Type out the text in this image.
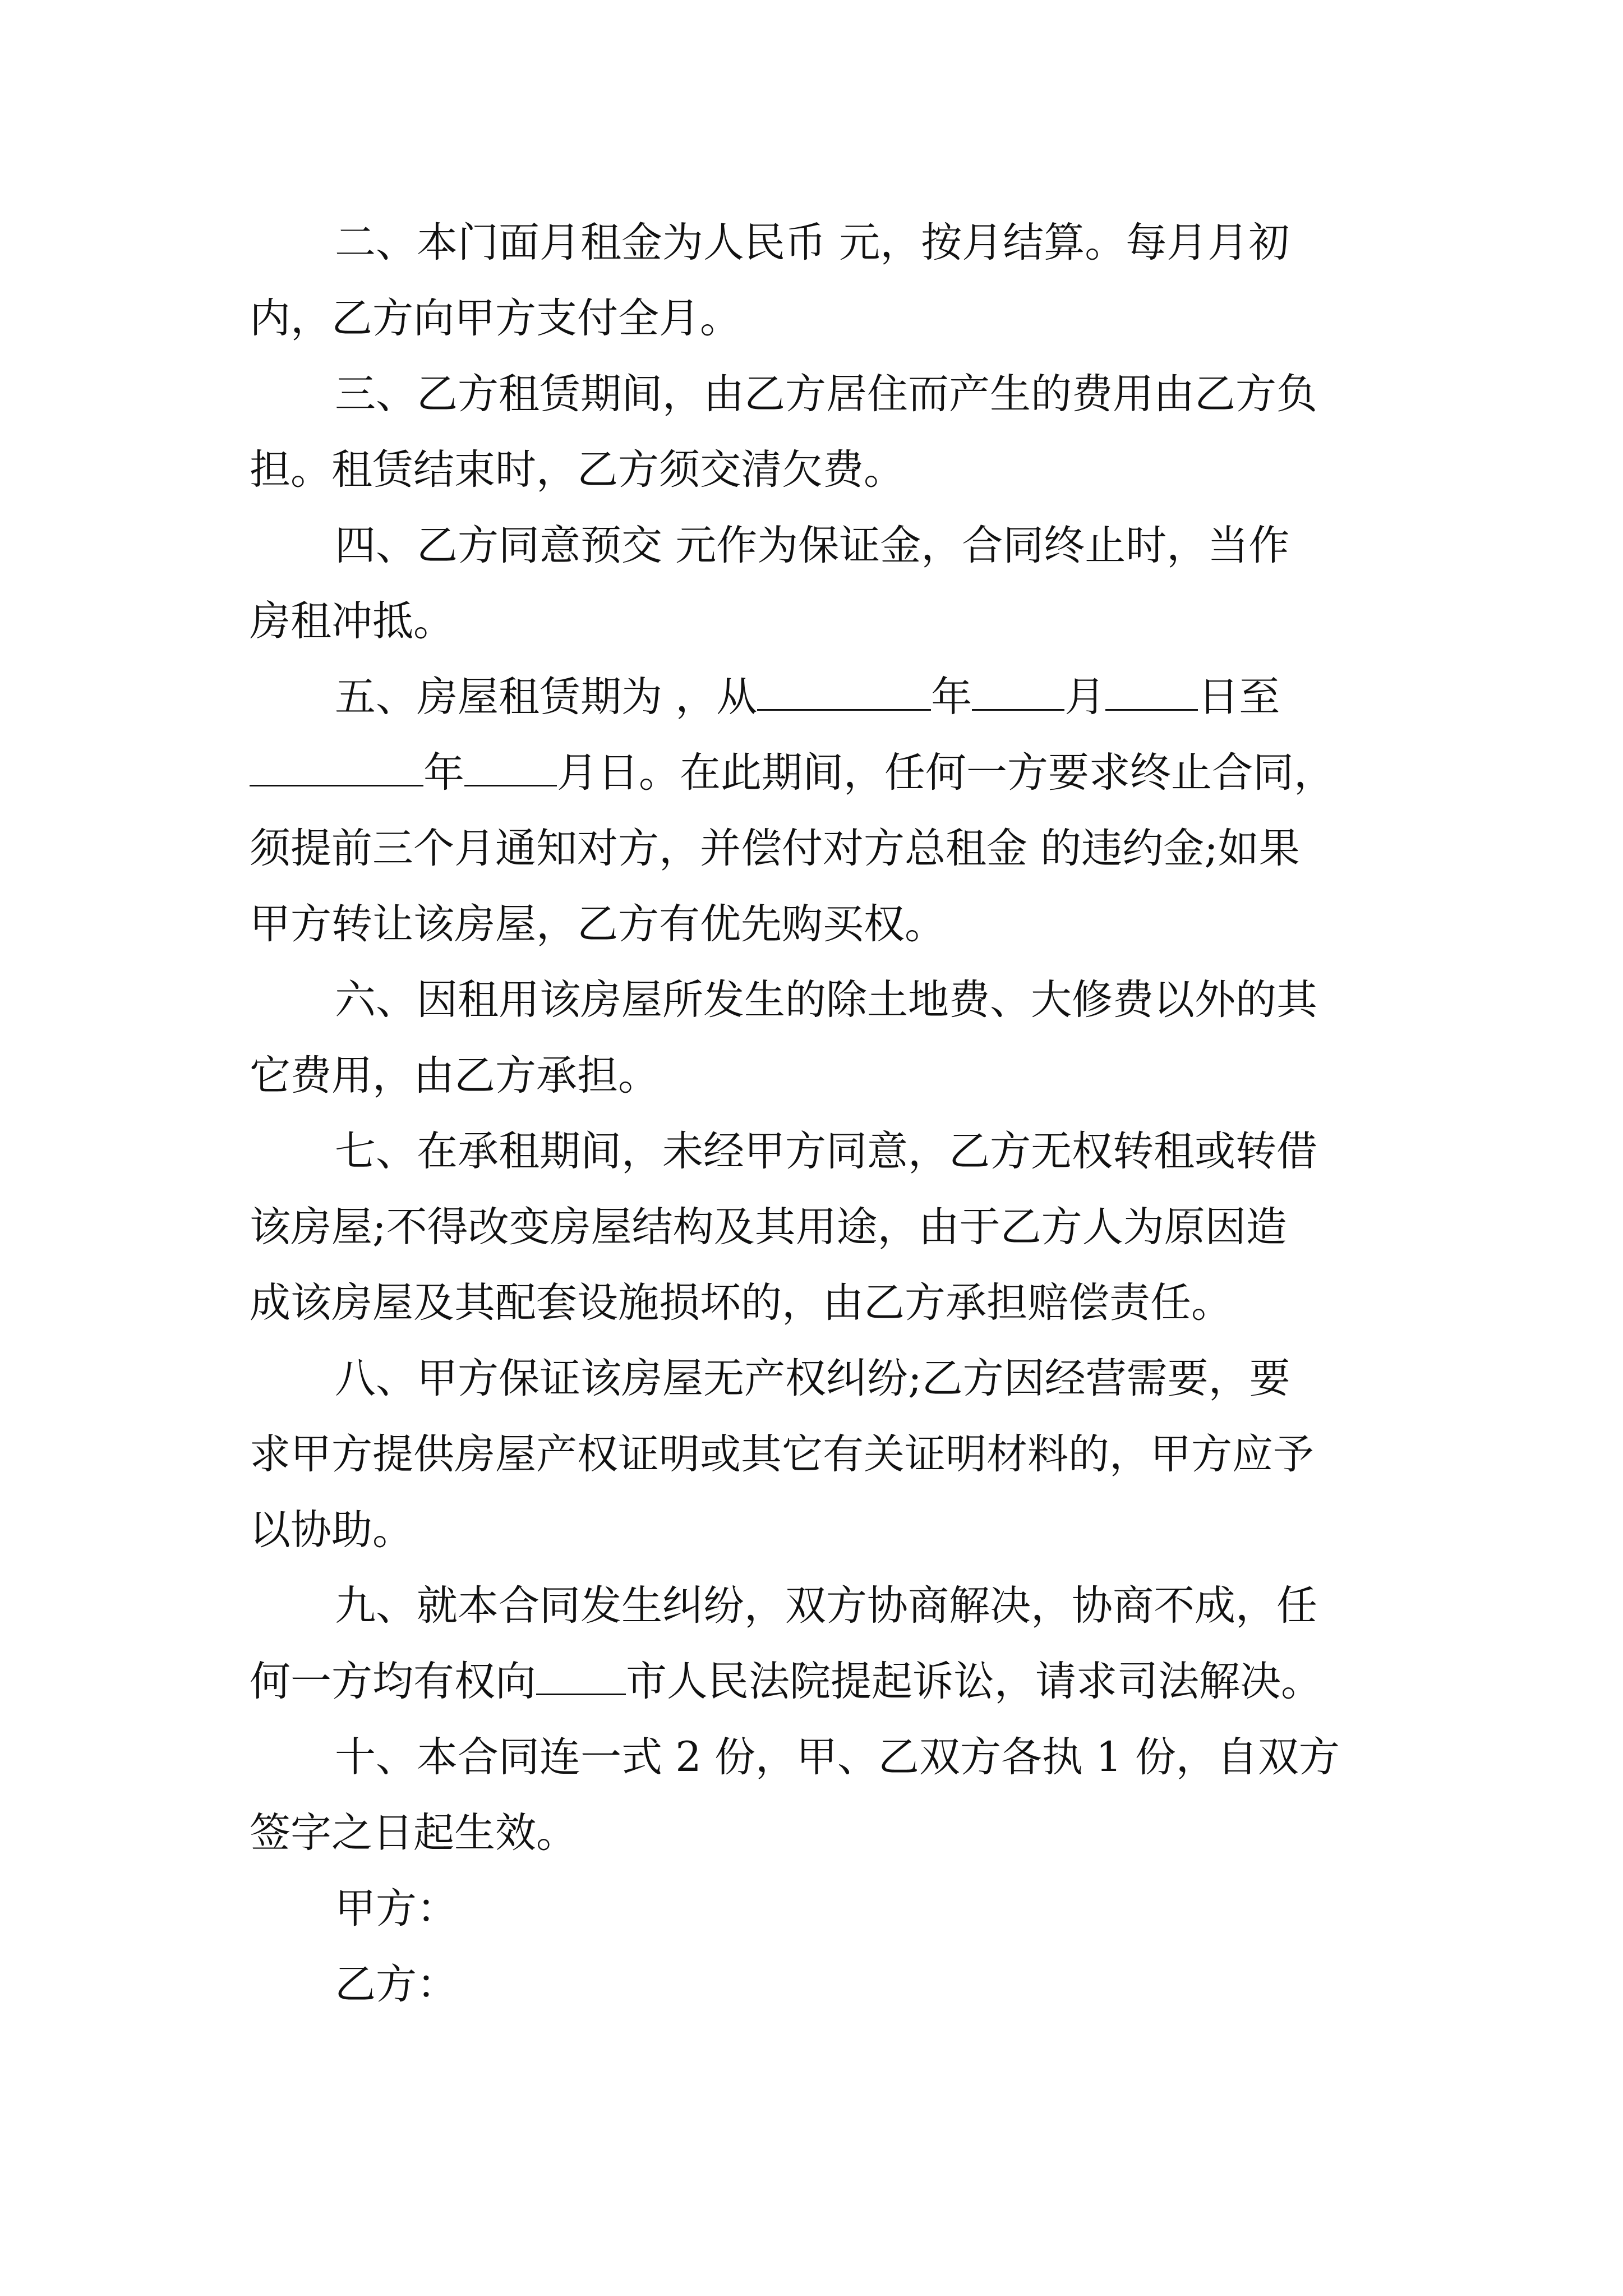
二、本门面月租金为人民币 元，按月结算。每月月初

内，乙方向甲方支付全月。

三、乙方租赁期间，由乙方居住而产生的费用由乙方负

担。租赁结束时，乙方须交清欠费。

四、乙方同意预交 元作为保证金，合同终止时，当作

房租冲抵。

五、房屋租赁期为 ，从	年 月 日至

年 月日。在此期间，任何一方要求终止合同，

须提前三个月通知对方，并偿付对方总租金 的违约金;如果

甲方转让该房屋，乙方有优先购买权。

六、因租用该房屋所发生的除土地费、大修费以外的其

它费用，由乙方承担。

七、在承租期间，未经甲方同意，乙方无权转租或转借

该房屋;不得改变房屋结构及其用途，由于乙方人为原因造

成该房屋及其配套设施损坏的，由乙方承担赔偿责任。

八、甲方保证该房屋无产权纠纷;乙方因经营需要，要

求甲方提供房屋产权证明或其它有关证明材料的，甲方应予

以协助。

九、就本合同发生纠纷，双方协商解决，协商不成，任

何一方均有权向 市人民法院提起诉讼，请求司法解决。

十、本合同连一式 2 份，甲、乙双方各执 1 份，自双方

签字之日起生效。

甲方：

乙方：
